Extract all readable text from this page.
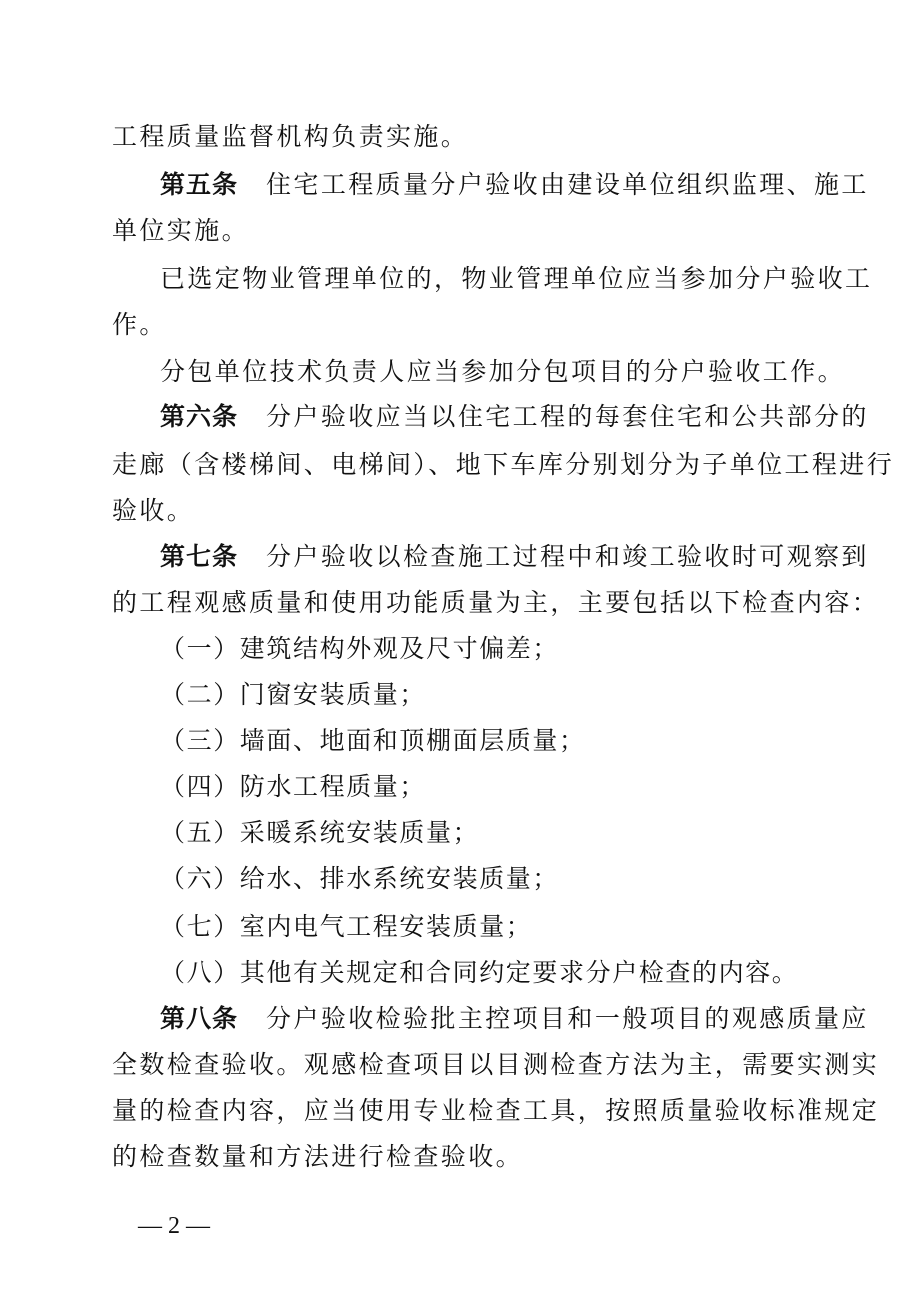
工程质量监督机构负责实施。
第五条 住宅工程质量分户验收由建设单位组织监理、施工
单位实施。
已选定物业管理单位的，物业管理单位应当参加分户验收工
作。
分包单位技术负责人应当参加分包项目的分户验收工作。
第六条 分户验收应当以住宅工程的每套住宅和公共部分的
走廊（含楼梯间、电梯间）、地下车库分别划分为子单位工程进行
验收。
第七条 分户验收以检查施工过程中和竣工验收时可观察到
的工程观感质量和使用功能质量为主，主要包括以下检查内容：
（一）建筑结构外观及尺寸偏差；
（二）门窗安装质量；
（三）墙面、地面和顶棚面层质量；
（四）防水工程质量；
（五）采暖系统安装质量；
（六）给水、排水系统安装质量；
（七）室内电气工程安装质量；
（八）其他有关规定和合同约定要求分户检查的内容。
第八条 分户验收检验批主控项目和一般项目的观感质量应
全数检查验收。观感检查项目以目测检查方法为主，需要实测实
量的检查内容，应当使用专业检查工具，按照质量验收标准规定
的检查数量和方法进行检查验收。
— 2 —
